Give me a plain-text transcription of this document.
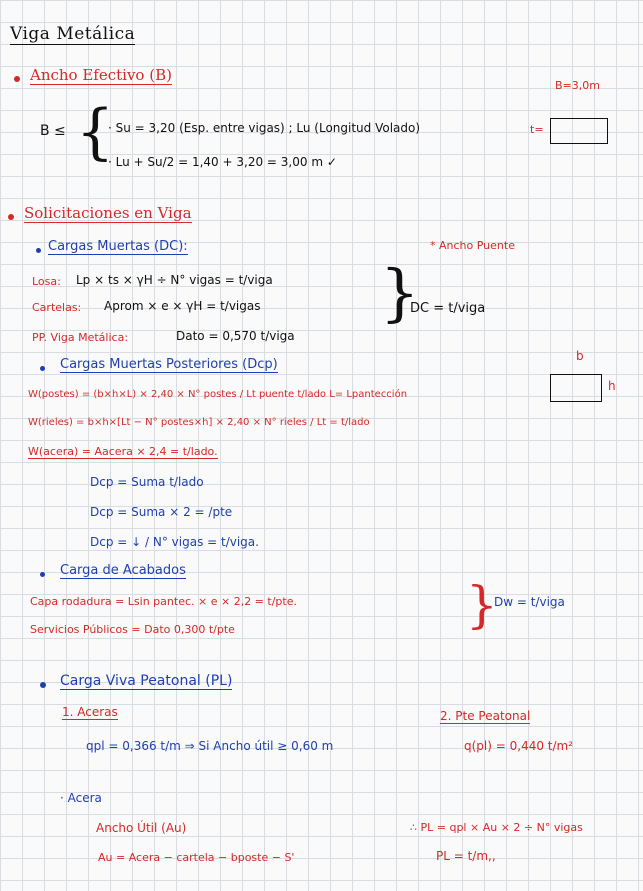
Viga Metálica
Ancho Efectivo (B)
B ≤ {
· Su = 3,20 (Esp. entre vigas) ; Lu (Longitud Volado)
· Lu + Su/2 = 1,40 + 3,20 = 3,00 m ✓
B=3,0m
t=
Solicitaciones en Viga
Cargas Muertas (DC):	* Ancho Puente
Losa: Lp × ts × γH ÷ N° vigas = t/viga
Cartelas: Aprom × e × γH = t/vigas
PP. Viga Metálica:	Dato = 0,570 t/viga
}
DC = t/viga
Cargas Muertas Posteriores (Dcp)
W(postes) = (b×h×L) × 2,40 × N° postes / Lt puente t/lado L= Lpantección
W(rieles) = b×h×[Lt − N° postes×h] × 2,40 × N° rieles / Lt = t/lado
W(acera) = Aacera × 2,4 = t/lado.
b
h
Dcp = Suma t/lado
Dcp = Suma × 2 = /pte
Dcp = ↓ / N° vigas = t/viga.
Carga de Acabados
Capa rodadura = Lsin pantec. × e × 2,2 = t/pte.
Servicios Públicos = Dato 0,300 t/pte	}
Dw = t/viga
Carga Viva Peatonal (PL)
1. Aceras
qpl = 0,366 t/m ⇒ Si Ancho útil ≥ 0,60 m
2. Pte Peatonal
q(pl) = 0,440 t/m²
· Acera
Ancho Útil (Au)
Au = Acera − cartela − bposte − S'
∴ PL = qpl × Au × 2 ÷ N° vigas
PL = t/m,,
